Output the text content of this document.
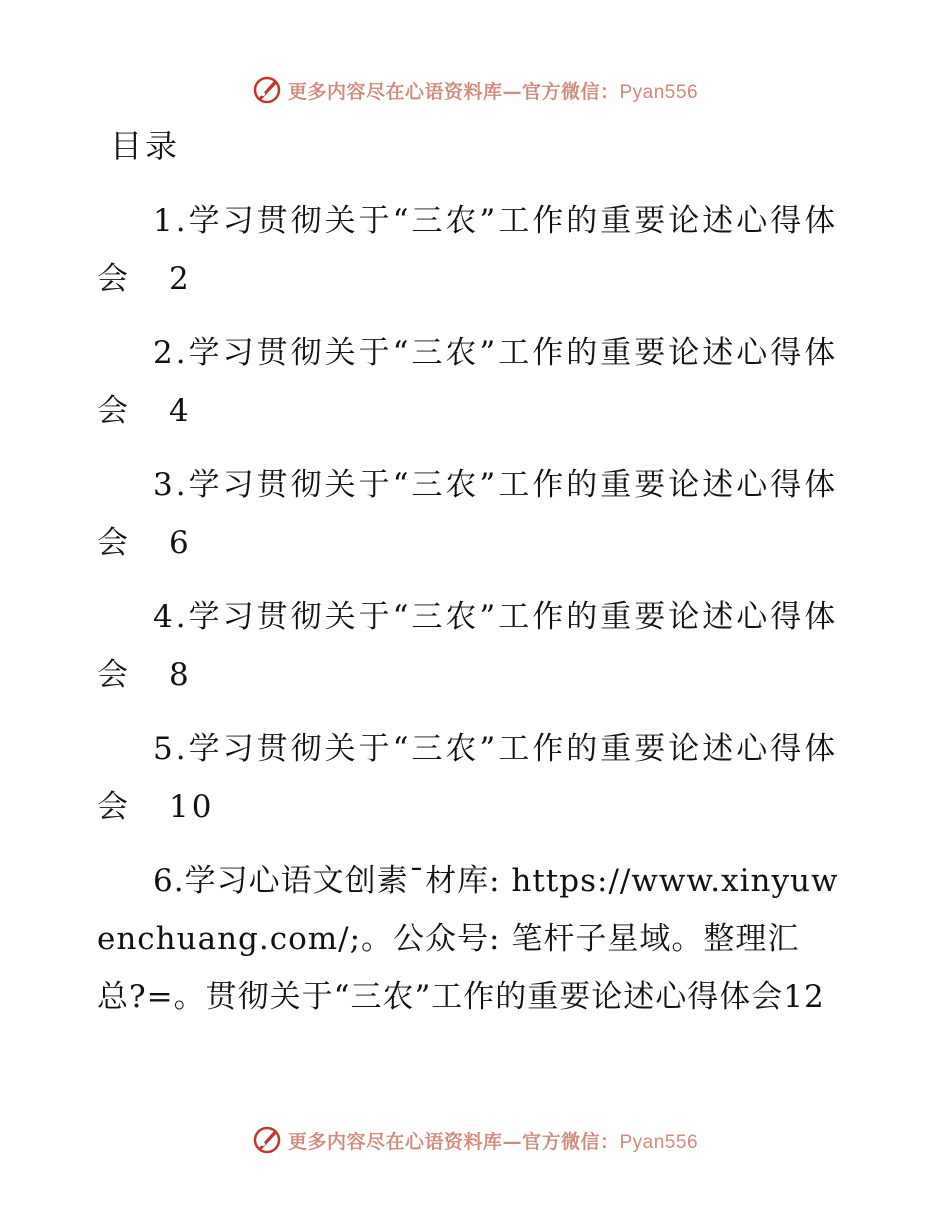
更多内容尽在心语资料库—官方微信：Pyan556
目录

1.学习贯彻关于“三农”工作的重要论述心得体会 2

2.学习贯彻关于“三农”工作的重要论述心得体会 4

3.学习贯彻关于“三农”工作的重要论述心得体会 6

4.学习贯彻关于“三农”工作的重要论述心得体会 8

5.学习贯彻关于“三农”工作的重要论述心得体会 10

6.学习心语文创素¯材库: https://www.xinyuwenchuang.com/;。公众号: 笔杆子星域。整理汇总?=。贯彻关于“三农”工作的重要论述心得体会12

更多内容尽在心语资料库—官方微信：Pyan556
